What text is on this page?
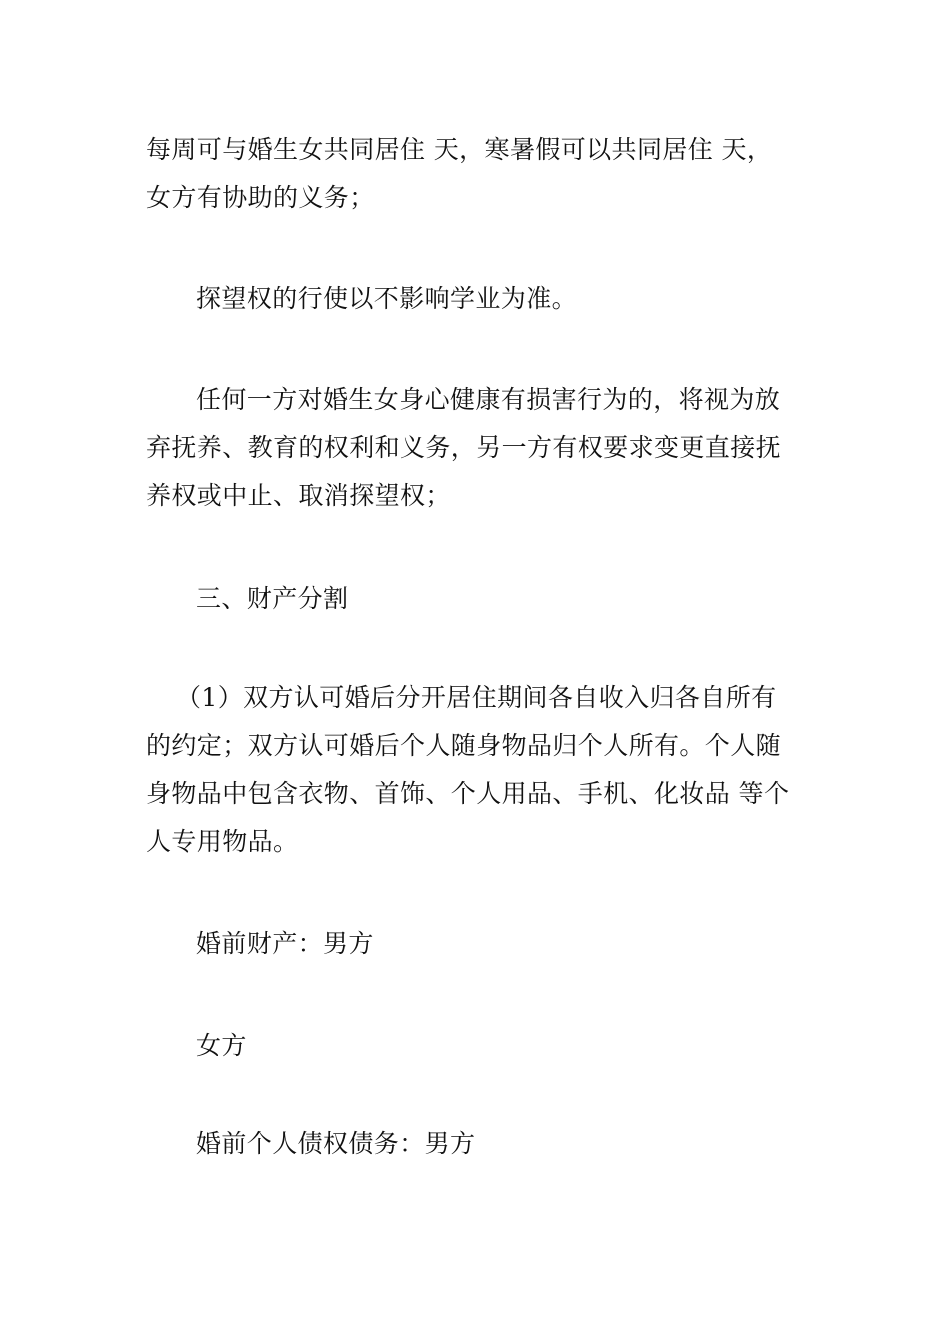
每周可与婚生女共同居住 天，寒暑假可以共同居住 天，
女方有协助的义务；

探望权的行使以不影响学业为准。

任何一方对婚生女身心健康有损害行为的，将视为放
弃抚养、教育的权利和义务，另一方有权要求变更直接抚
养权或中止、取消探望权；

三、财产分割

（1）双方认可婚后分开居住期间各自收入归各自所有
的约定；双方认可婚后个人随身物品归个人所有。个人随
身物品中包含衣物、首饰、个人用品、手机、化妆品 等个
人专用物品。

婚前财产：男方

女方

婚前个人债权债务：男方
